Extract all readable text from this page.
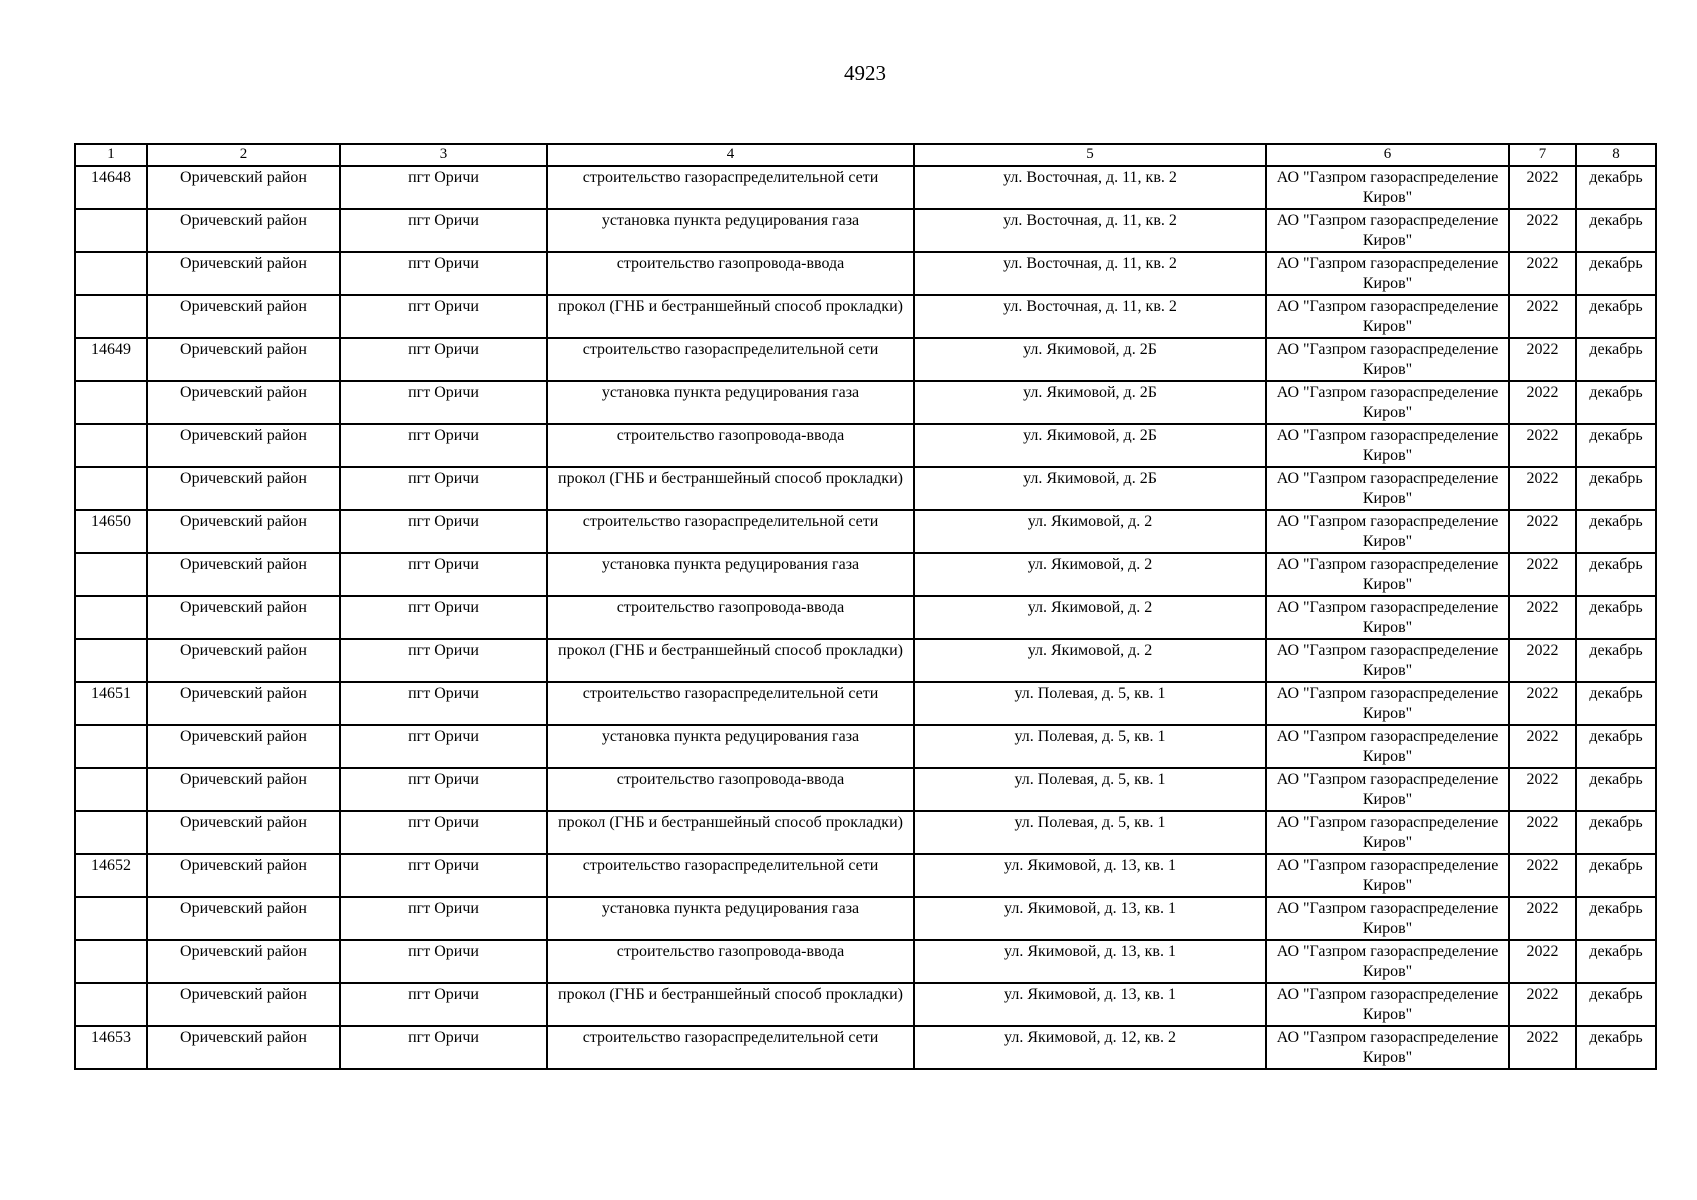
4923
1	2	3	4	5	6	7	8
14648	Оричевский район	пгт Оричи	строительство газораспределительной сети	ул. Восточная, д. 11, кв. 2	АО "Газпром газораспределение Киров"	2022	декабрь
	Оричевский район	пгт Оричи	установка пункта редуцирования газа	ул. Восточная, д. 11, кв. 2	АО "Газпром газораспределение Киров"	2022	декабрь
	Оричевский район	пгт Оричи	строительство газопровода-ввода	ул. Восточная, д. 11, кв. 2	АО "Газпром газораспределение Киров"	2022	декабрь
	Оричевский район	пгт Оричи	прокол (ГНБ и бестраншейный способ прокладки)	ул. Восточная, д. 11, кв. 2	АО "Газпром газораспределение Киров"	2022	декабрь
14649	Оричевский район	пгт Оричи	строительство газораспределительной сети	ул. Якимовой, д. 2Б	АО "Газпром газораспределение Киров"	2022	декабрь
	Оричевский район	пгт Оричи	установка пункта редуцирования газа	ул. Якимовой, д. 2Б	АО "Газпром газораспределение Киров"	2022	декабрь
	Оричевский район	пгт Оричи	строительство газопровода-ввода	ул. Якимовой, д. 2Б	АО "Газпром газораспределение Киров"	2022	декабрь
	Оричевский район	пгт Оричи	прокол (ГНБ и бестраншейный способ прокладки)	ул. Якимовой, д. 2Б	АО "Газпром газораспределение Киров"	2022	декабрь
14650	Оричевский район	пгт Оричи	строительство газораспределительной сети	ул. Якимовой, д. 2	АО "Газпром газораспределение Киров"	2022	декабрь
	Оричевский район	пгт Оричи	установка пункта редуцирования газа	ул. Якимовой, д. 2	АО "Газпром газораспределение Киров"	2022	декабрь
	Оричевский район	пгт Оричи	строительство газопровода-ввода	ул. Якимовой, д. 2	АО "Газпром газораспределение Киров"	2022	декабрь
	Оричевский район	пгт Оричи	прокол (ГНБ и бестраншейный способ прокладки)	ул. Якимовой, д. 2	АО "Газпром газораспределение Киров"	2022	декабрь
14651	Оричевский район	пгт Оричи	строительство газораспределительной сети	ул. Полевая, д. 5, кв. 1	АО "Газпром газораспределение Киров"	2022	декабрь
	Оричевский район	пгт Оричи	установка пункта редуцирования газа	ул. Полевая, д. 5, кв. 1	АО "Газпром газораспределение Киров"	2022	декабрь
	Оричевский район	пгт Оричи	строительство газопровода-ввода	ул. Полевая, д. 5, кв. 1	АО "Газпром газораспределение Киров"	2022	декабрь
	Оричевский район	пгт Оричи	прокол (ГНБ и бестраншейный способ прокладки)	ул. Полевая, д. 5, кв. 1	АО "Газпром газораспределение Киров"	2022	декабрь
14652	Оричевский район	пгт Оричи	строительство газораспределительной сети	ул. Якимовой, д. 13, кв. 1	АО "Газпром газораспределение Киров"	2022	декабрь
	Оричевский район	пгт Оричи	установка пункта редуцирования газа	ул. Якимовой, д. 13, кв. 1	АО "Газпром газораспределение Киров"	2022	декабрь
	Оричевский район	пгт Оричи	строительство газопровода-ввода	ул. Якимовой, д. 13, кв. 1	АО "Газпром газораспределение Киров"	2022	декабрь
	Оричевский район	пгт Оричи	прокол (ГНБ и бестраншейный способ прокладки)	ул. Якимовой, д. 13, кв. 1	АО "Газпром газораспределение Киров"	2022	декабрь
14653	Оричевский район	пгт Оричи	строительство газораспределительной сети	ул. Якимовой, д. 12, кв. 2	АО "Газпром газораспределение Киров"	2022	декабрь
